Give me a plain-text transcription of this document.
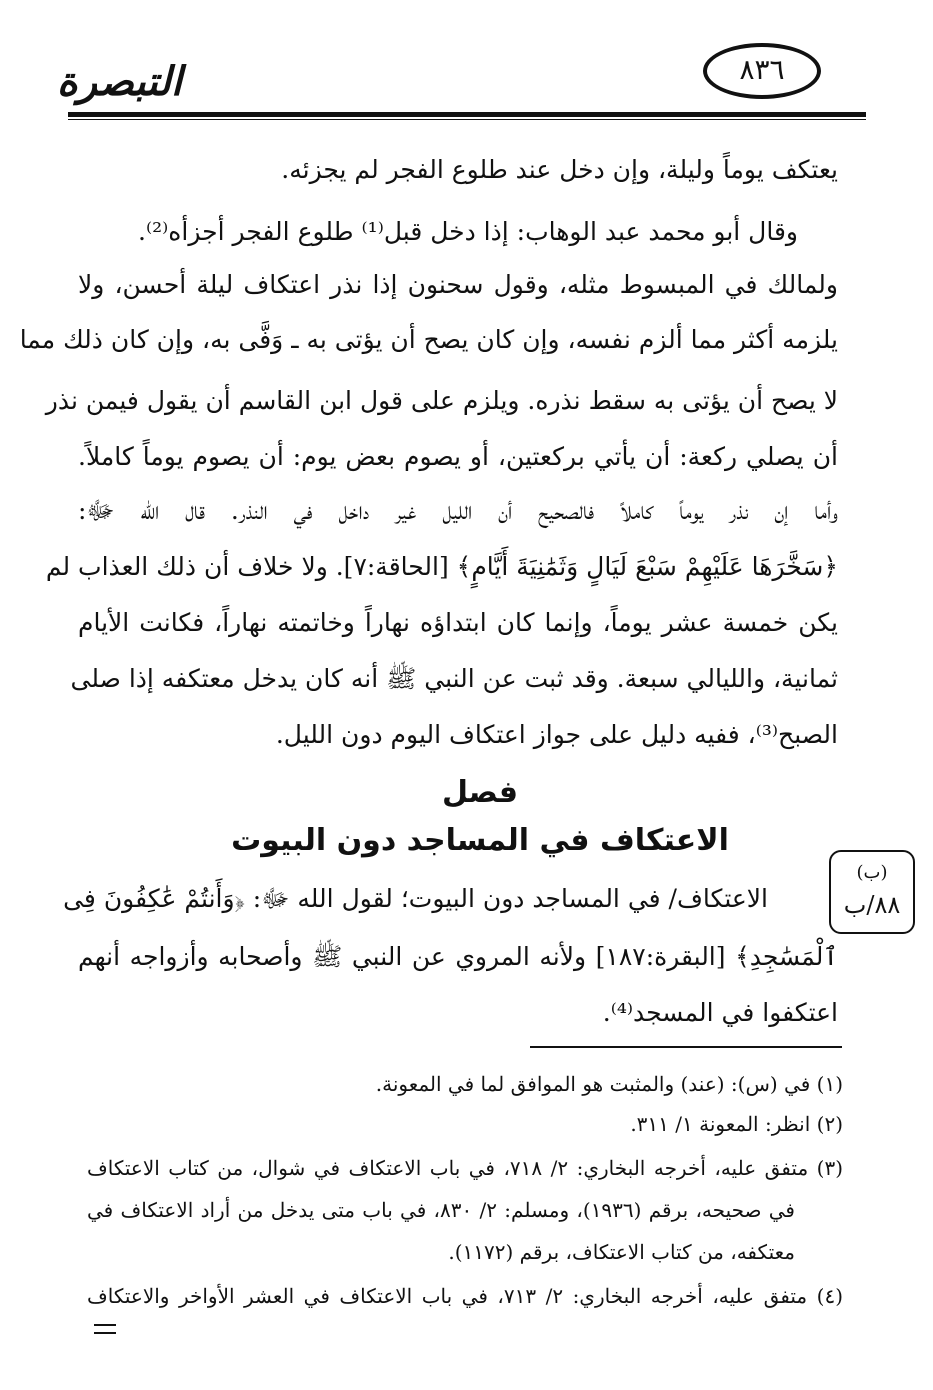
التبصرة	٨٣٦
يعتكف يوماً وليلة، وإن دخل عند طلوع الفجر لم يجزئه.
وقال أبو محمد عبد الوهاب: إذا دخل قبل⁽¹⁾ طلوع الفجر أجزأه⁽²⁾.
ولمالك في المبسوط مثله، وقول سحنون إذا نذر اعتكاف ليلة أحسن، ولا
يلزمه أكثر مما ألزم نفسه، وإن كان يصح أن يؤتى به ـ وَفَّى به، وإن كان ذلك مما
لا يصح أن يؤتى به سقط نذره. ويلزم على قول ابن القاسم أن يقول فيمن نذر
أن يصلي ركعة: أن يأتي بركعتين، أو يصوم بعض يوم: أن يصوم يوماً كاملاً.
وأما إن نذر يوماً كاملاً فالصحيح أن الليل غير داخل في النذر. قال الله ﷻ:
﴿سَخَّرَهَا عَلَيْهِمْ سَبْعَ لَيَالٍ وَثَمَٰنِيَةَ أَيَّامٍ﴾ [الحاقة:٧]. ولا خلاف أن ذلك العذاب لم
يكن خمسة عشر يوماً، وإنما كان ابتداؤه نهاراً وخاتمته نهاراً، فكانت الأيام
ثمانية، والليالي سبعة. وقد ثبت عن النبي ﷺ أنه كان يدخل معتكفه إذا صلى
الصبح⁽³⁾، ففيه دليل على جواز اعتكاف اليوم دون الليل.
فصل
الاعتكاف في المساجد دون البيوت
الاعتكاف/ في المساجد دون البيوت؛ لقول الله ﷻ: ﴿وَأَنتُمْ عَٰكِفُونَ فِى
ٱلْمَسَٰجِدِ﴾ [البقرة:١٨٧] ولأنه المروي عن النبي ﷺ وأصحابه وأزواجه أنهم
اعتكفوا في المسجد⁽⁴⁾.
(ب)
٨٨/ب
(١) في (س): (عند) والمثبت هو الموافق لما في المعونة.
(٢) انظر: المعونة ١/ ٣١١.
(٣) متفق عليه، أخرجه البخاري: ٢/ ٧١٨، في باب الاعتكاف في شوال، من كتاب الاعتكاف
في صحيحه، برقم (١٩٣٦)، ومسلم: ٢/ ٨٣٠، في باب متى يدخل من أراد الاعتكاف في
معتكفه، من كتاب الاعتكاف، برقم (١١٧٢).
(٤) متفق عليه، أخرجه البخاري: ٢/ ٧١٣، في باب الاعتكاف في العشر الأواخر والاعتكاف
